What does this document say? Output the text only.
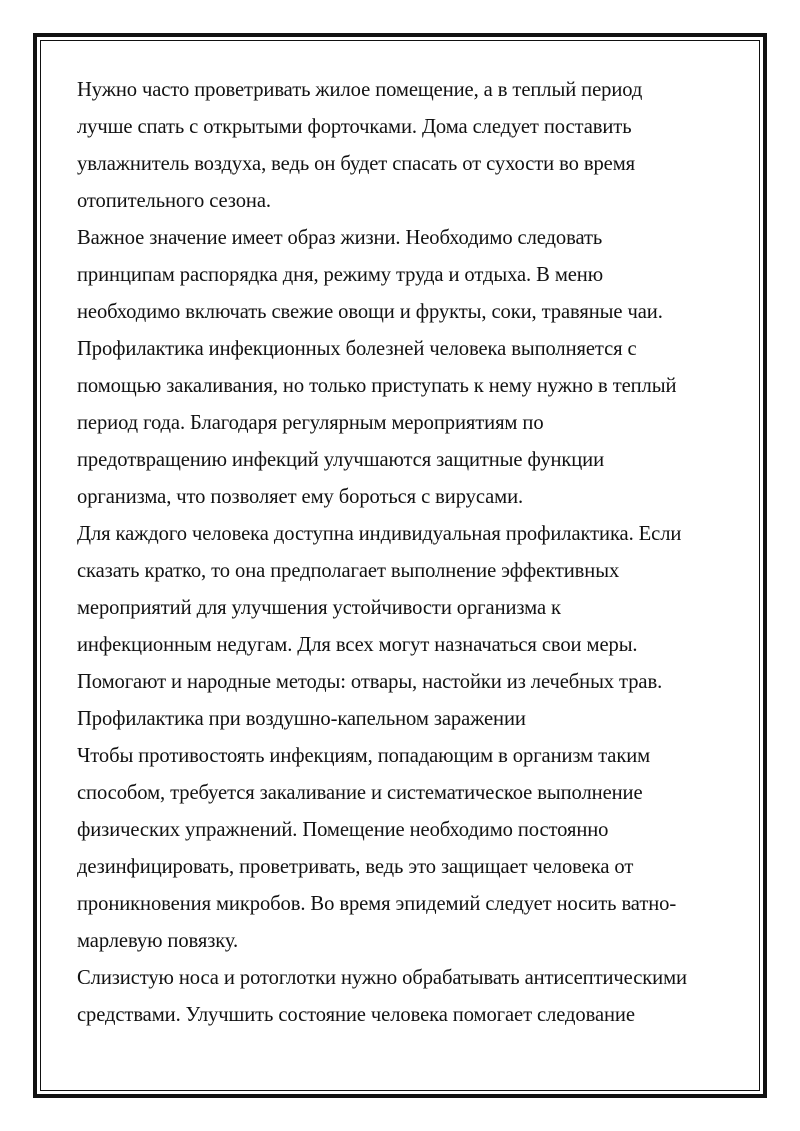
Нужно часто проветривать жилое помещение, а в теплый период
лучше спать с открытыми форточками. Дома следует поставить
увлажнитель воздуха, ведь он будет спасать от сухости во время
отопительного сезона.
Важное значение имеет образ жизни. Необходимо следовать
принципам распорядка дня, режиму труда и отдыха. В меню
необходимо включать свежие овощи и фрукты, соки, травяные чаи.
Профилактика инфекционных болезней человека выполняется с
помощью закаливания, но только приступать к нему нужно в теплый
период года. Благодаря регулярным мероприятиям по
предотвращению инфекций улучшаются защитные функции
организма, что позволяет ему бороться с вирусами.
Для каждого человека доступна индивидуальная профилактика. Если
сказать кратко, то она предполагает выполнение эффективных
мероприятий для улучшения устойчивости организма к
инфекционным недугам. Для всех могут назначаться свои меры.
Помогают и народные методы: отвары, настойки из лечебных трав.
Профилактика при воздушно-капельном заражении
Чтобы противостоять инфекциям, попадающим в организм таким
способом, требуется закаливание и систематическое выполнение
физических упражнений. Помещение необходимо постоянно
дезинфицировать, проветривать, ведь это защищает человека от
проникновения микробов. Во время эпидемий следует носить ватно-
марлевую повязку.
Слизистую носа и ротоглотки нужно обрабатывать антисептическими
средствами. Улучшить состояние человека помогает следование
